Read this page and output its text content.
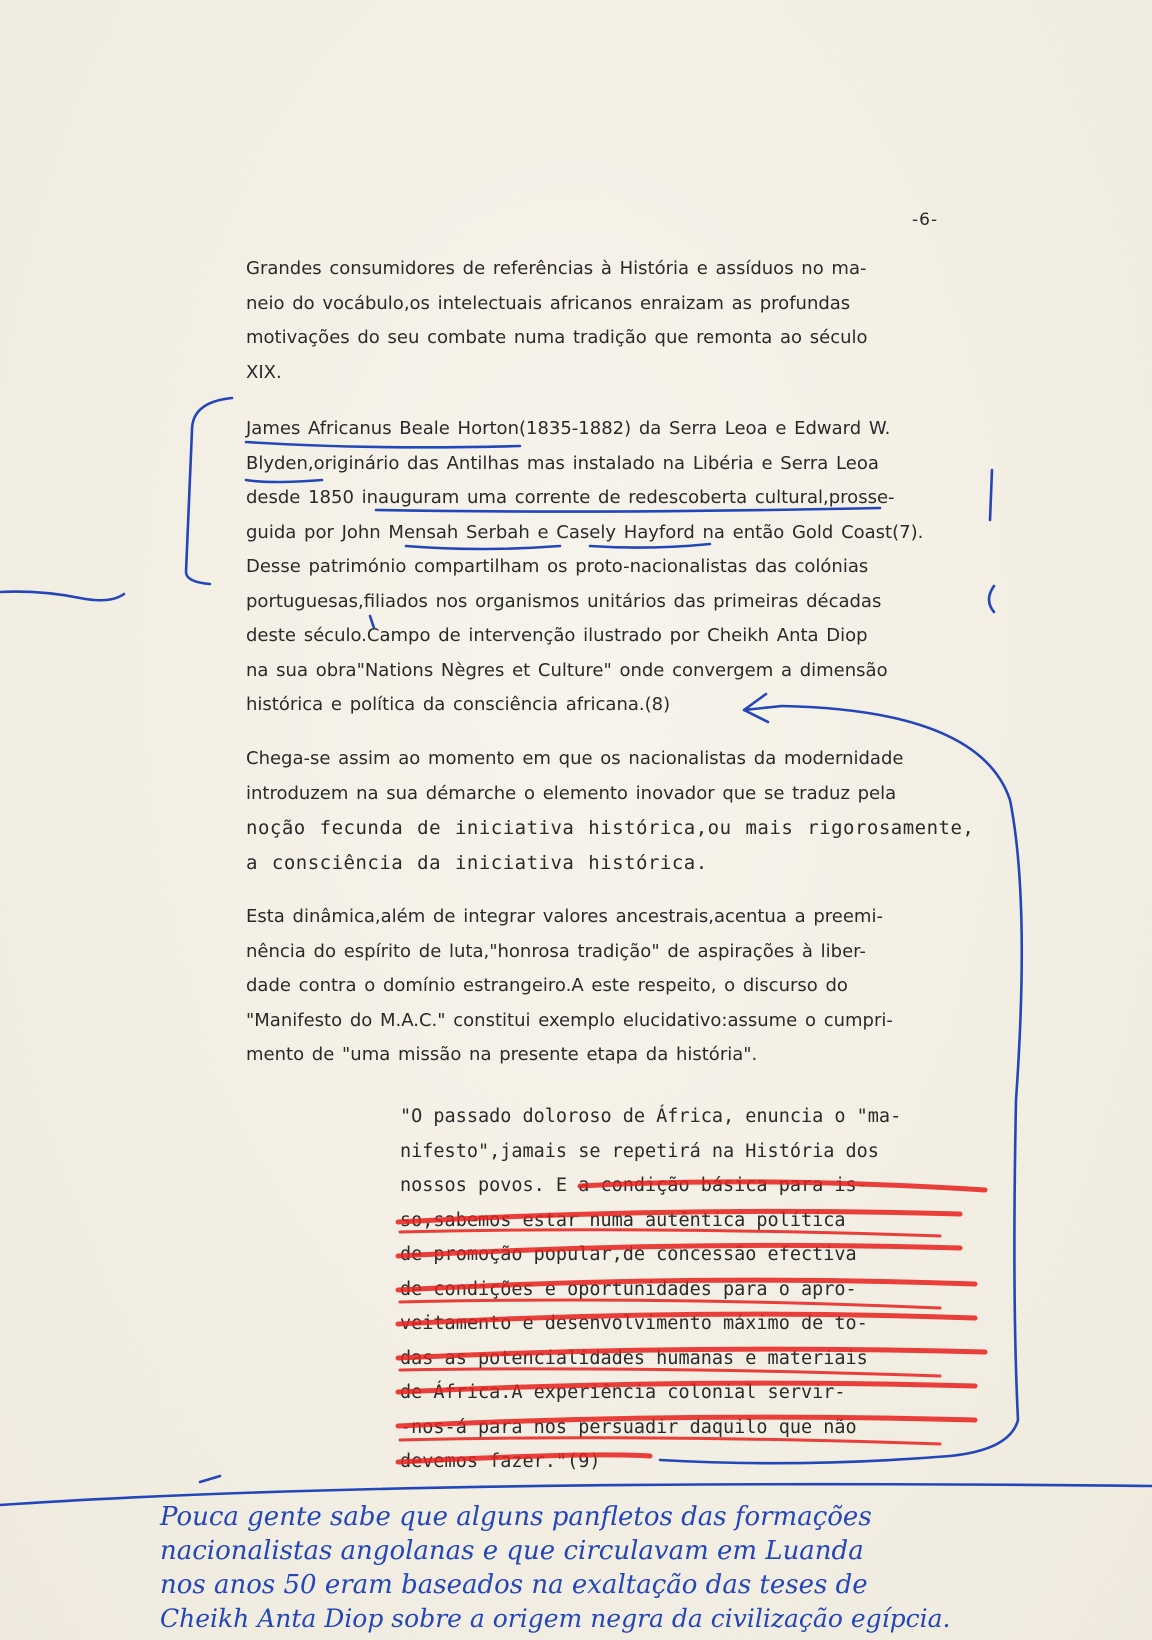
-6-
Grandes consumidores de referências à História e assíduos no ma-
neio do vocábulo,os intelectuais africanos enraizam as profundas
motivações do seu combate numa tradição que remonta ao século
XIX.
James Africanus Beale Horton(1835-1882) da Serra Leoa e Edward W.
Blyden,originário das Antilhas mas instalado na Libéria e Serra Leoa
desde 1850 inauguram uma corrente de redescoberta cultural,prosse-
guida por John Mensah Serbah e Casely Hayford na então Gold Coast(7).
Desse património compartilham os proto-nacionalistas das colónias
portuguesas,filiados nos organismos unitários das primeiras décadas
deste século.Campo de intervenção ilustrado por Cheikh Anta Diop
na sua obra"Nations Nègres et Culture" onde convergem a dimensão
histórica e política da consciência africana.(8)
Chega-se assim ao momento em que os nacionalistas da modernidade
introduzem na sua démarche o elemento inovador que se traduz pela
noção fecunda de iniciativa histórica,ou mais rigorosamente,
a consciência da iniciativa histórica.
Esta dinâmica,além de integrar valores ancestrais,acentua a preemi-
nência do espírito de luta,"honrosa tradição" de aspirações à liber-
dade contra o domínio estrangeiro.A este respeito, o discurso do
"Manifesto do M.A.C." constitui exemplo elucidativo:assume o cumpri-
mento de "uma missão na presente etapa da história".
"O passado doloroso de África, enuncia o "ma-
nifesto",jamais se repetirá na História dos
nossos povos. E a condição básica para is-
so,sabemos estar numa autêntica política
de promoção popular,de concessão efectiva
de condições e oportunidades para o apro-
veitamento e desenvolvimento máximo de to-
das as potencialidades humanas e materiais
de África.A experiência colonial servir-
-nos-á para nos persuadir daquilo que não
devemos fazer."(9)
Pouca gente sabe que alguns panfletos das formações
nacionalistas angolanas e que circulavam em Luanda
nos anos 50 eram baseados na exaltação das teses de
Cheikh Anta Diop sobre a origem negra da civilização egípcia.
